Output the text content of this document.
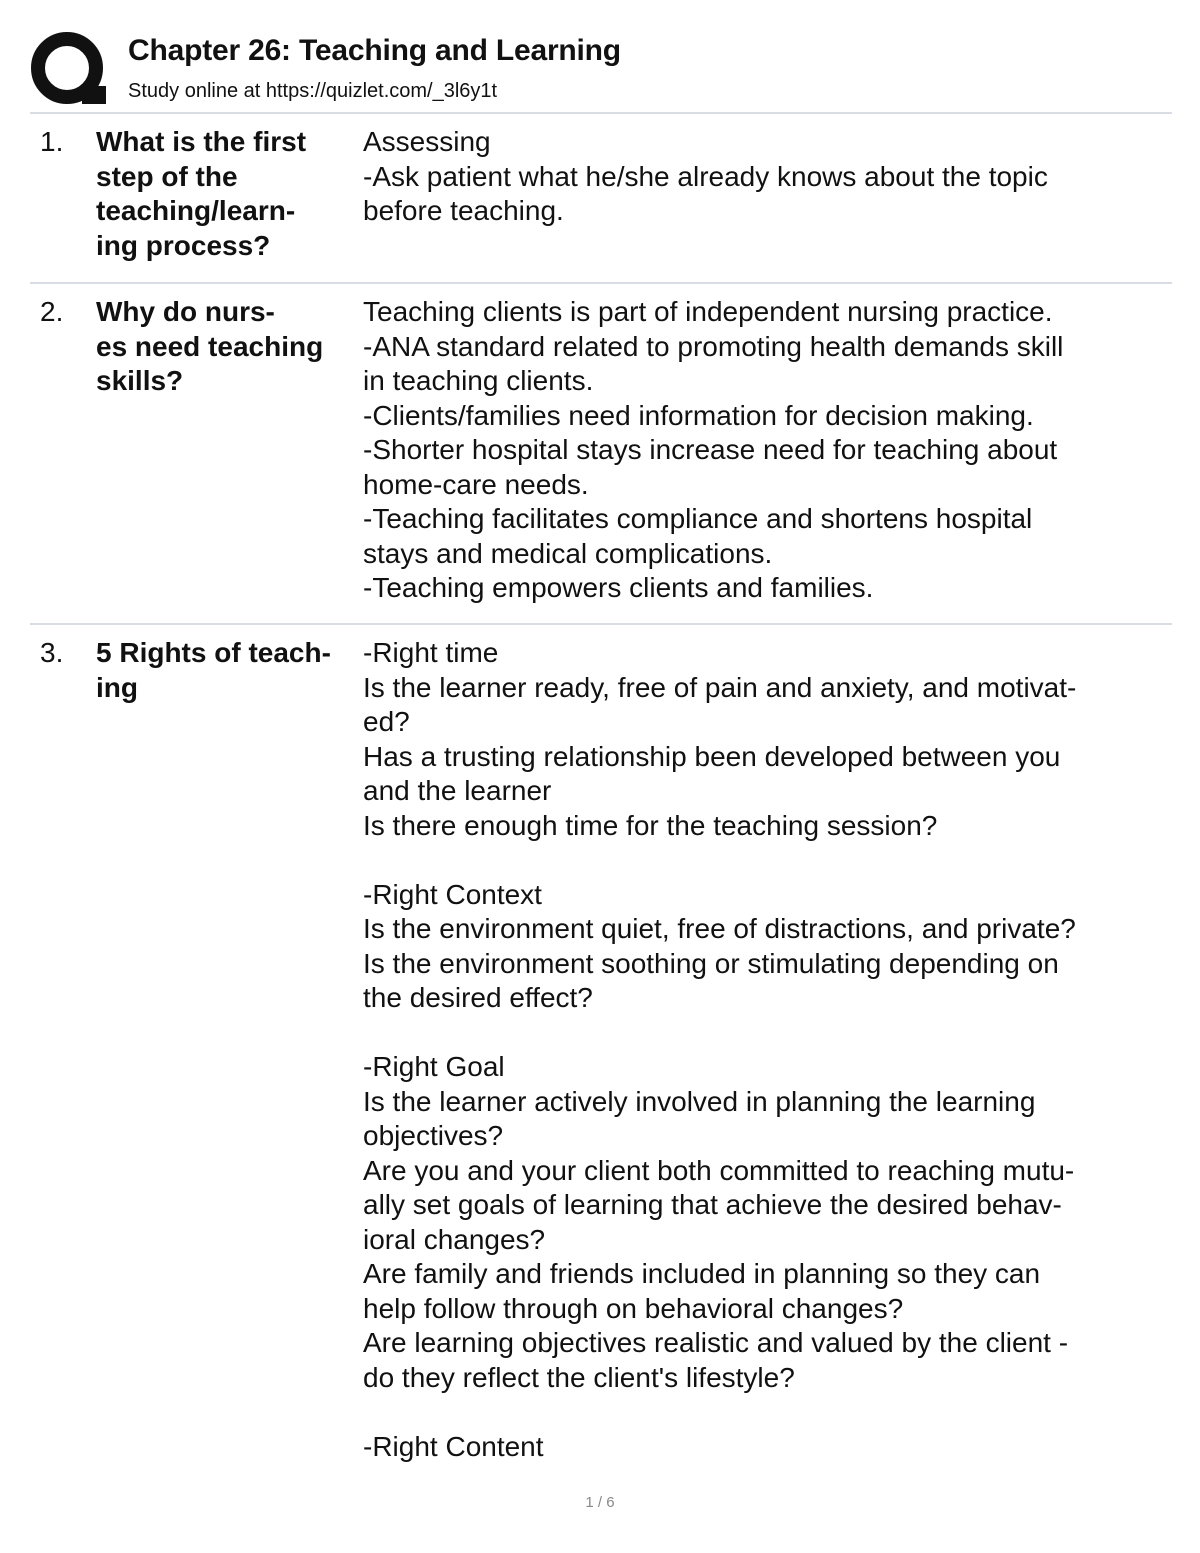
Chapter 26: Teaching and Learning
Study online at https://quizlet.com/_3l6y1t
1. What is the first
step of the
teaching/learn-
ing process?
Assessing
-Ask patient what he/she already knows about the topic
before teaching.
2. Why do nurs-
es need teaching
skills?
Teaching clients is part of independent nursing practice.
-ANA standard related to promoting health demands skill
in teaching clients.
-Clients/families need information for decision making.
-Shorter hospital stays increase need for teaching about
home-care needs.
-Teaching facilitates compliance and shortens hospital
stays and medical complications.
-Teaching empowers clients and families.
3. 5 Rights of teach-
ing
-Right time
Is the learner ready, free of pain and anxiety, and motivat-
ed?
Has a trusting relationship been developed between you
and the learner
Is there enough time for the teaching session?
-Right Context
Is the environment quiet, free of distractions, and private?
Is the environment soothing or stimulating depending on
the desired effect?
-Right Goal
Is the learner actively involved in planning the learning
objectives?
Are you and your client both committed to reaching mutu-
ally set goals of learning that achieve the desired behav-
ioral changes?
Are family and friends included in planning so they can
help follow through on behavioral changes?
Are learning objectives realistic and valued by the client -
do they reflect the client's lifestyle?
-Right Content
1 / 6
